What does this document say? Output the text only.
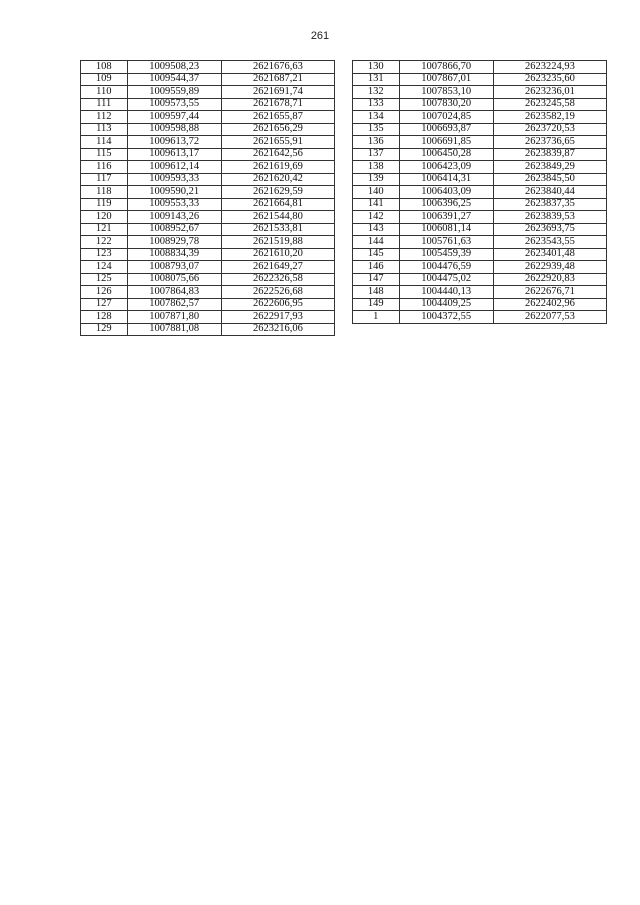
261
108	1009508,23	2621676,63
109	1009544,37	2621687,21
110	1009559,89	2621691,74
111	1009573,55	2621678,71
112	1009597,44	2621655,87
113	1009598,88	2621656,29
114	1009613,72	2621655,91
115	1009613,17	2621642,56
116	1009612,14	2621619,69
117	1009593,33	2621620,42
118	1009590,21	2621629,59
119	1009553,33	2621664,81
120	1009143,26	2621544,80
121	1008952,67	2621533,81
122	1008929,78	2621519,88
123	1008834,39	2621610,20
124	1008793,07	2621649,27
125	1008075,66	2622326,58
126	1007864,83	2622526,68
127	1007862,57	2622606,95
128	1007871,80	2622917,93
129	1007881,08	2623216,06
130	1007866,70	2623224,93
131	1007867,01	2623235,60
132	1007853,10	2623236,01
133	1007830,20	2623245,58
134	1007024,85	2623582,19
135	1006693,87	2623720,53
136	1006691,85	2623736,65
137	1006450,28	2623839,87
138	1006423,09	2623849,29
139	1006414,31	2623845,50
140	1006403,09	2623840,44
141	1006396,25	2623837,35
142	1006391,27	2623839,53
143	1006081,14	2623693,75
144	1005761,63	2623543,55
145	1005459,39	2623401,48
146	1004476,59	2622939,48
147	1004475,02	2622920,83
148	1004440,13	2622676,71
149	1004409,25	2622402,96
1	1004372,55	2622077,53
